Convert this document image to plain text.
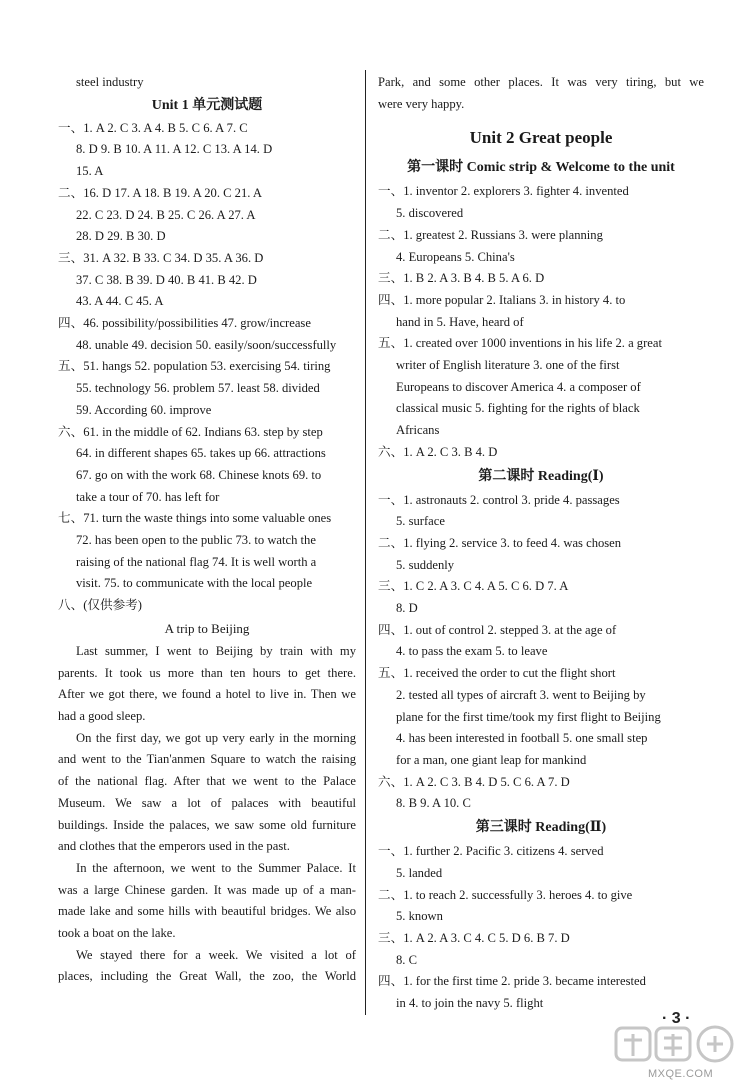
steel industry
Unit 1 单元测试题
一、1. A 2. C 3. A 4. B 5. C 6. A 7. C
8. D 9. B 10. A 11. A 12. C 13. A 14. D
15. A
二、16. D 17. A 18. B 19. A 20. C 21. A
22. C 23. D 24. B 25. C 26. A 27. A
28. D 29. B 30. D
三、31. A 32. B 33. C 34. D 35. A 36. D
37. C 38. B 39. D 40. B 41. B 42. D
43. A 44. C 45. A
四、46. possibility/possibilities 47. grow/increase
48. unable 49. decision 50. easily/soon/successfully
五、51. hangs 52. population 53. exercising 54. tiring
55. technology 56. problem 57. least 58. divided
59. According 60. improve
六、61. in the middle of 62. Indians 63. step by step
64. in different shapes 65. takes up 66. attractions
67. go on with the work 68. Chinese knots 69. to
take a tour of 70. has left for
七、71. turn the waste things into some valuable ones
72. has been open to the public 73. to watch the
raising of the national flag 74. It is well worth a
visit. 75. to communicate with the local people
八、(仅供参考)
A trip to Beijing
Last summer, I went to Beijing by train with my
parents. It took us more than ten hours to get there.
After we got there, we found a hotel to live in. Then we
had a good sleep.
On the first day, we got up very early in the morning
and went to the Tian'anmen Square to watch the raising
of the national flag. After that we went to the Palace
Museum. We saw a lot of palaces with beautiful
buildings. Inside the palaces, we saw some old furniture
and clothes that the emperors used in the past.
In the afternoon, we went to the Summer Palace. It
was a large Chinese garden. It was made up of a man-
made lake and some hills with beautiful bridges. We also
took a boat on the lake.
We stayed there for a week. We visited a lot of
places, including the Great Wall, the zoo, the World
Park, and some other places. It was very tiring, but we
were very happy.
Unit 2 Great people
第一课时 Comic strip & Welcome to the unit
一、1. inventor 2. explorers 3. fighter 4. invented
5. discovered
二、1. greatest 2. Russians 3. were planning
4. Europeans 5. China's
三、1. B 2. A 3. B 4. B 5. A 6. D
四、1. more popular 2. Italians 3. in history 4. to
hand in 5. Have, heard of
五、1. created over 1000 inventions in his life 2. a great
writer of English literature 3. one of the first
Europeans to discover America 4. a composer of
classical music 5. fighting for the rights of black
Africans
六、1. A 2. C 3. B 4. D
第二课时 Reading(Ⅰ)
一、1. astronauts 2. control 3. pride 4. passages
5. surface
二、1. flying 2. service 3. to feed 4. was chosen
5. suddenly
三、1. C 2. A 3. C 4. A 5. C 6. D 7. A
8. D
四、1. out of control 2. stepped 3. at the age of
4. to pass the exam 5. to leave
五、1. received the order to cut the flight short
2. tested all types of aircraft 3. went to Beijing by
plane for the first time/took my first flight to Beijing
4. has been interested in football 5. one small step
for a man, one giant leap for mankind
六、1. A 2. C 3. B 4. D 5. C 6. A 7. D
8. B 9. A 10. C
第三课时 Reading(Ⅱ)
一、1. further 2. Pacific 3. citizens 4. served
5. landed
二、1. to reach 2. successfully 3. heroes 4. to give
5. known
三、1. A 2. A 3. C 4. C 5. D 6. B 7. D
8. C
四、1. for the first time 2. pride 3. became interested
in 4. to join the navy 5. flight
· 3 ·
MXQE.COM
